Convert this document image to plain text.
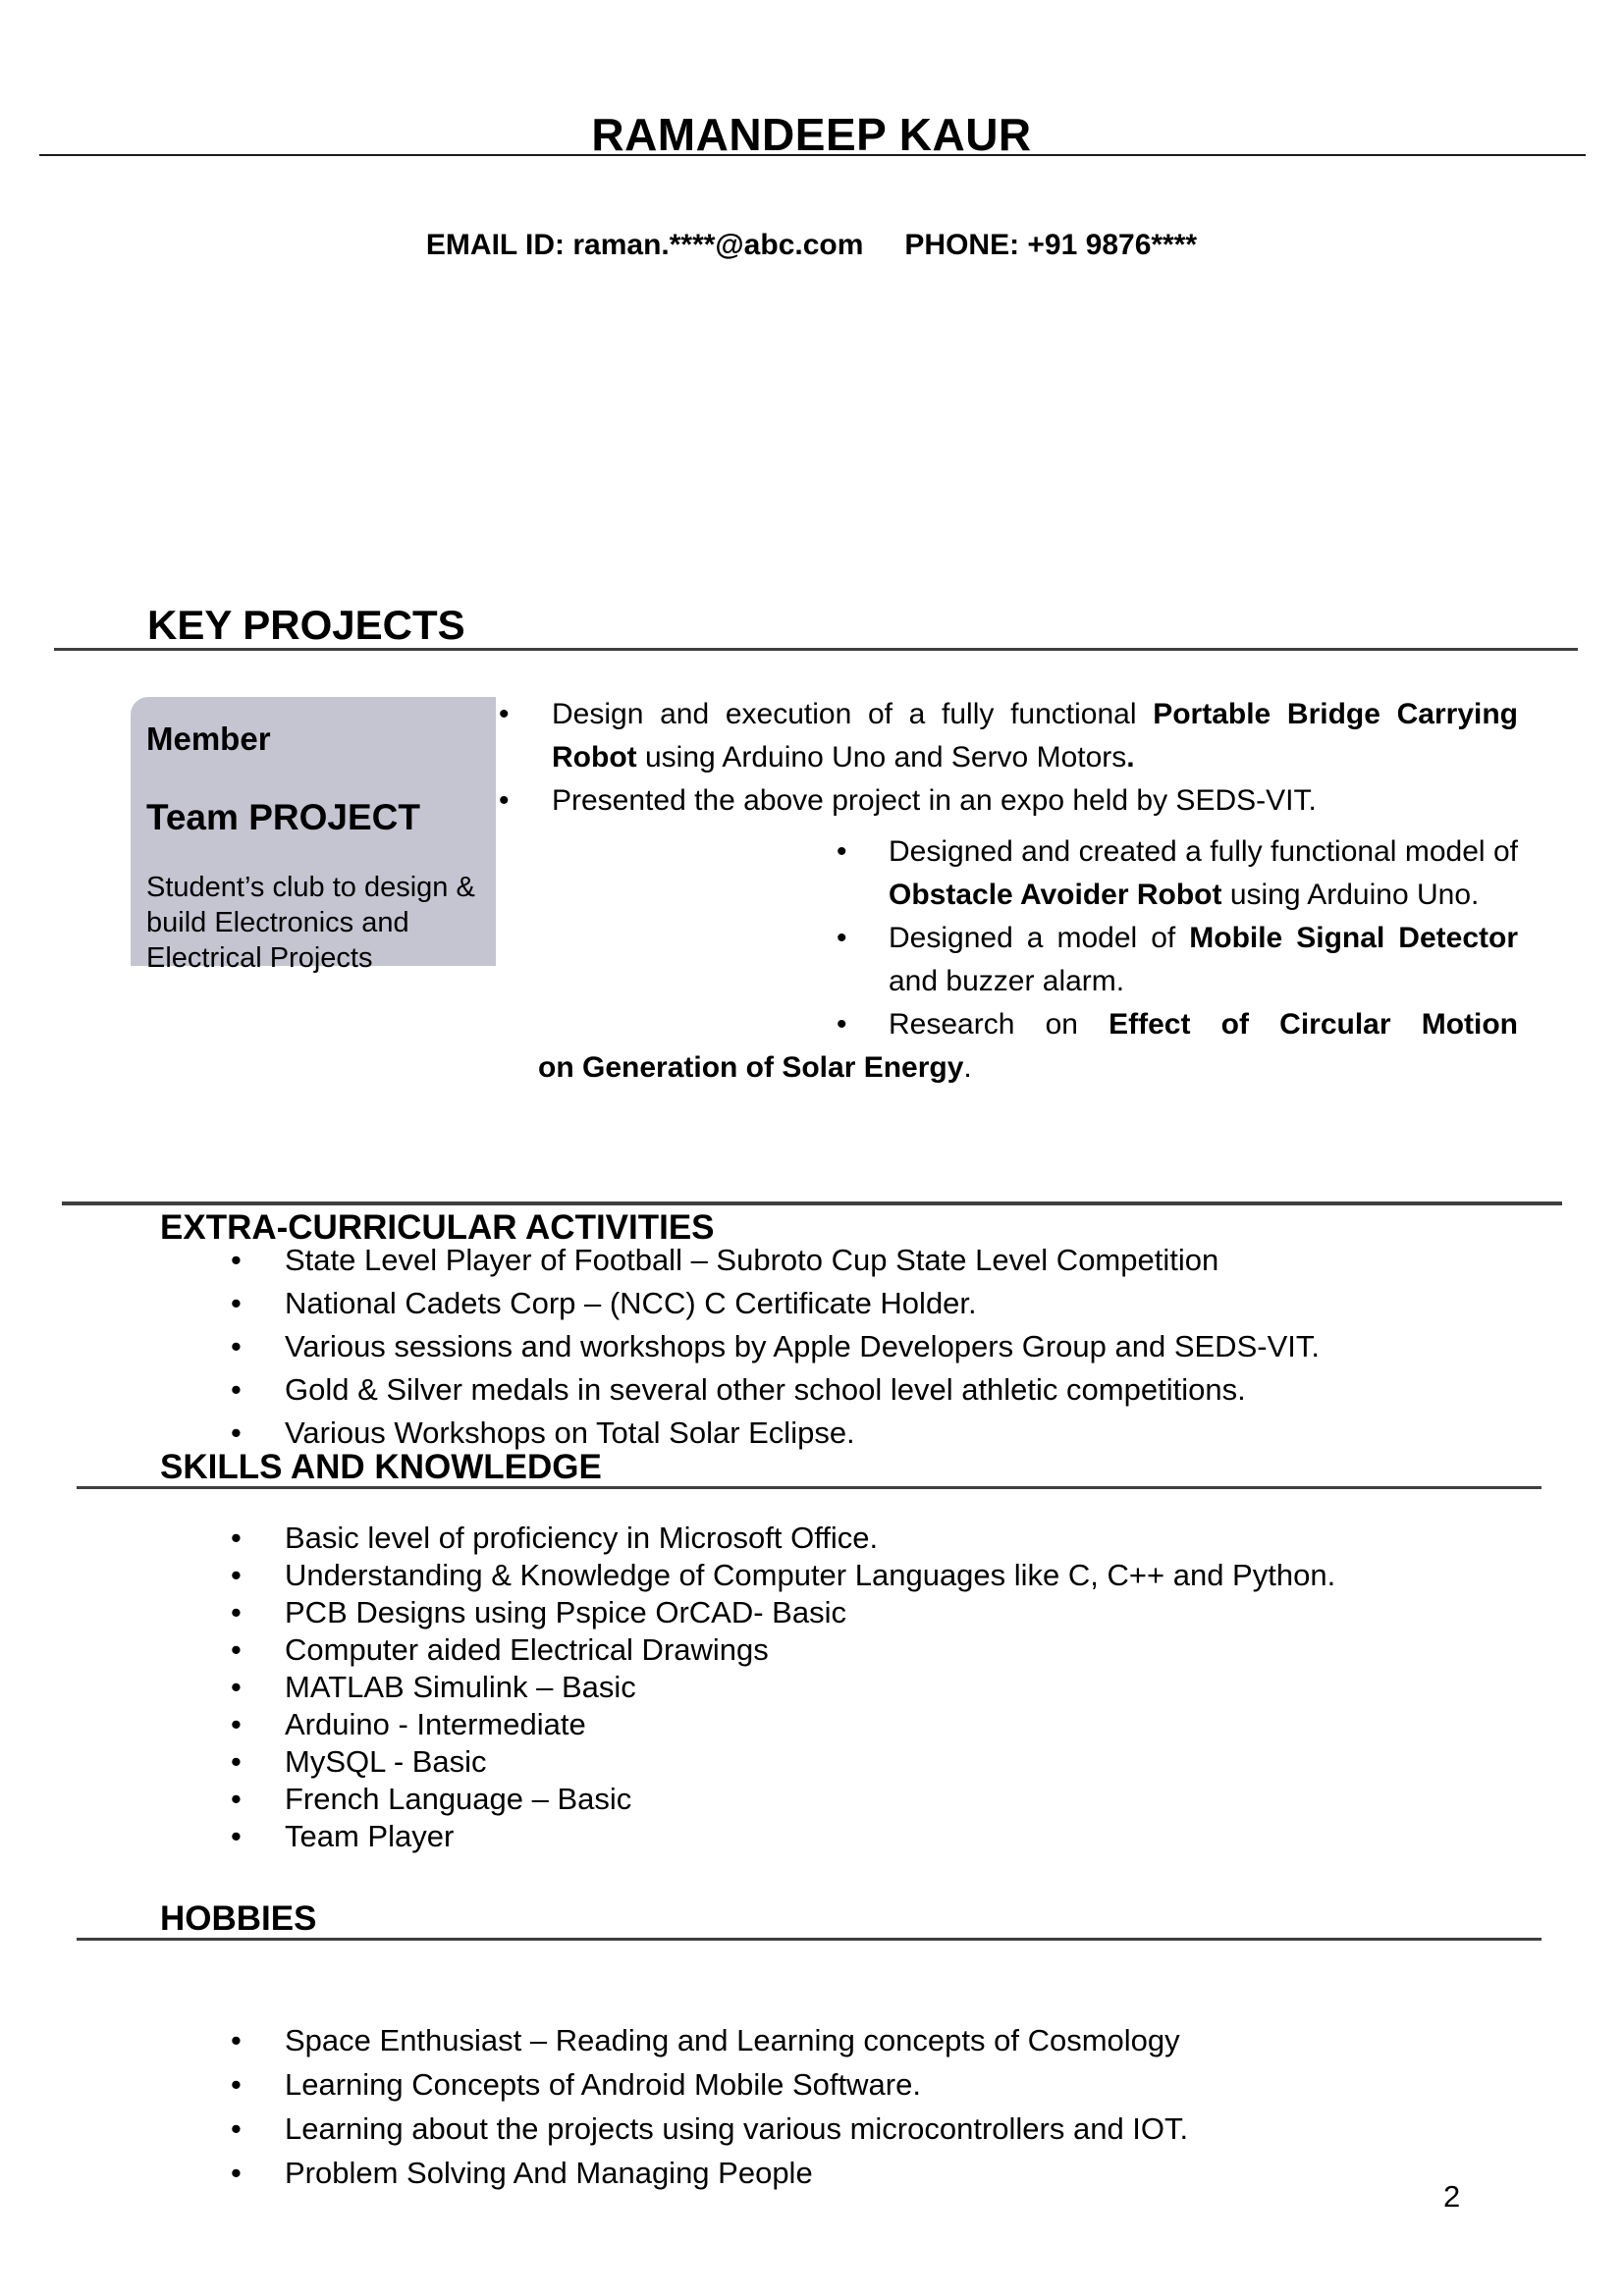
RAMANDEEP KAUR
EMAIL ID: raman.****@abc.com PHONE: +91 9876****
KEY PROJECTS
Member
Team PROJECT
Student’s club to design & build Electronics and Electrical Projects
• Design and execution of a fully functional Portable Bridge Carrying Robot using Arduino Uno and Servo Motors.
• Presented the above project in an expo held by SEDS-VIT.
• Designed and created a fully functional model of Obstacle Avoider Robot using Arduino Uno.
• Designed a model of Mobile Signal Detector and buzzer alarm.
• Research on Effect of Circular Motion
on Generation of Solar Energy.
EXTRA-CURRICULAR ACTIVITIES
• State Level Player of Football – Subroto Cup State Level Competition
• National Cadets Corp – (NCC) C Certificate Holder.
• Various sessions and workshops by Apple Developers Group and SEDS-VIT.
• Gold & Silver medals in several other school level athletic competitions.
• Various Workshops on Total Solar Eclipse.
SKILLS AND KNOWLEDGE
• Basic level of proficiency in Microsoft Office.
• Understanding & Knowledge of Computer Languages like C, C++ and Python.
• PCB Designs using Pspice OrCAD- Basic
• Computer aided Electrical Drawings
• MATLAB Simulink – Basic
• Arduino - Intermediate
• MySQL - Basic
• French Language – Basic
• Team Player
HOBBIES
• Space Enthusiast – Reading and Learning concepts of Cosmology
• Learning Concepts of Android Mobile Software.
• Learning about the projects using various microcontrollers and IOT.
• Problem Solving And Managing People
2
